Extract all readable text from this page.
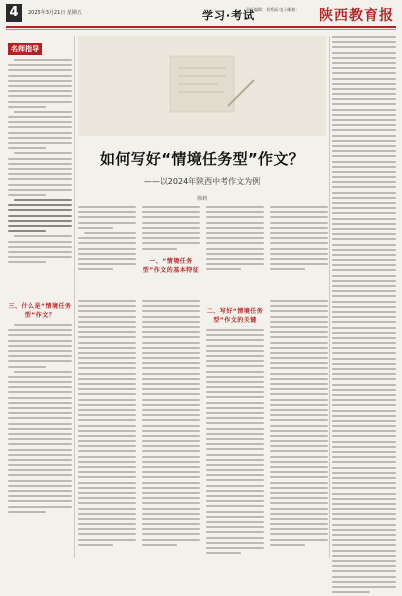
4	2025年3月21日 星期五	学习·考试
责任编辑：刘秀丽 电子邮箱：	陕西教育报
名师指导
三、什么是“情境任务型”作文？
如何写好“情境任务型”作文？
——以2024年陕西中考作文为例
徐莉
一、“情境任务型”作文的基本特征
二、写好“情境任务型”作文的关键
